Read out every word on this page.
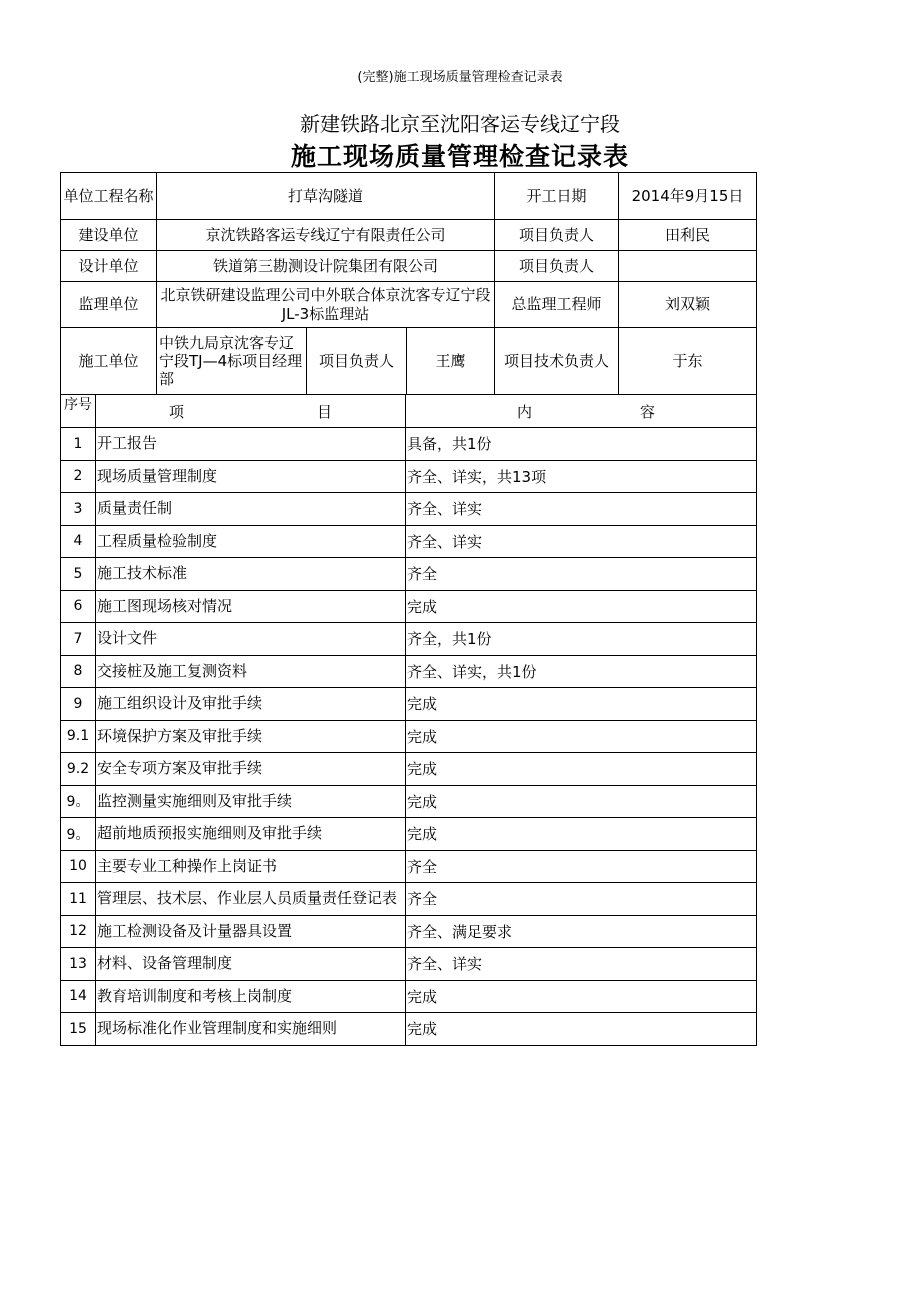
(完整)施工现场质量管理检查记录表
新建铁路北京至沈阳客运专线辽宁段
施工现场质量管理检查记录表
单位工程名称	打草沟隧道			开工日期	2014年9月15日
建设单位	京沈铁路客运专线辽宁有限责任公司			项目负责人	田利民
设计单位	铁道第三勘测设计院集团有限公司			项目负责人	
监理单位	北京铁研建设监理公司中外联合体京沈客专辽宁段JL-3标监理站			总监理工程师	刘双颖
施工单位	中铁九局京沈客专辽宁段TJ—4标项目经理部	项目负责人	王鹰	项目技术负责人	于东
序号	项 目	内 容

1	开工报告	具备，共1份
2	现场质量管理制度	齐全、详实，共13项
3	质量责任制	齐全、详实
4	工程质量检验制度	齐全、详实
5	施工技术标准	齐全
6	施工图现场核对情况	完成
7	设计文件	齐全，共1份
8	交接桩及施工复测资料	齐全、详实，共1份
9	施工组织设计及审批手续	完成
9.1	环境保护方案及审批手续	完成
9.2	安全专项方案及审批手续	完成
9。	监控测量实施细则及审批手续	完成
9。	超前地质预报实施细则及审批手续	完成
10	主要专业工种操作上岗证书	齐全
11	管理层、技术层、作业层人员质量责任登记表	齐全
12	施工检测设备及计量器具设置	齐全、满足要求
13	材料、设备管理制度	齐全、详实
14	教育培训制度和考核上岗制度	完成
15	现场标准化作业管理制度和实施细则	完成
